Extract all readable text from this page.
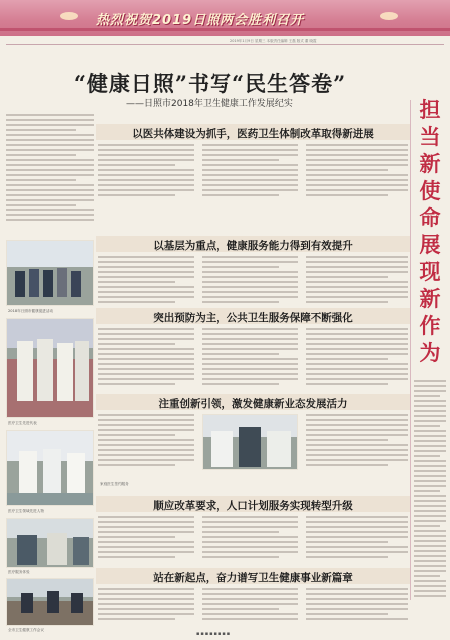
热烈祝贺2019日照两会胜利召开
2019年1月9日 星期三 本版责任编辑 王磊 版式 董 晓霞
“健康日照”书写“民生答卷”
——日照市2018年卫生健康工作发展纪实	担
当
新
使
命
展
现
新
作
为
2018年日照市健康促进活动
医疗卫生先进代表
医疗卫生领域先进人物
医疗服务体验
全市卫生健康工作会议
以医共体建设为抓手，医药卫生体制改革取得新进展
以基层为重点，健康服务能力得到有效提升
突出预防为主，公共卫生服务保障不断强化
注重创新引领，激发健康新业态发展活力
顺应改革要求，人口计划服务实现转型升级
站在新起点，奋力谱写卫生健康事业新篇章
家庭医生签约服务
▪▪▪▪▪▪▪▪
